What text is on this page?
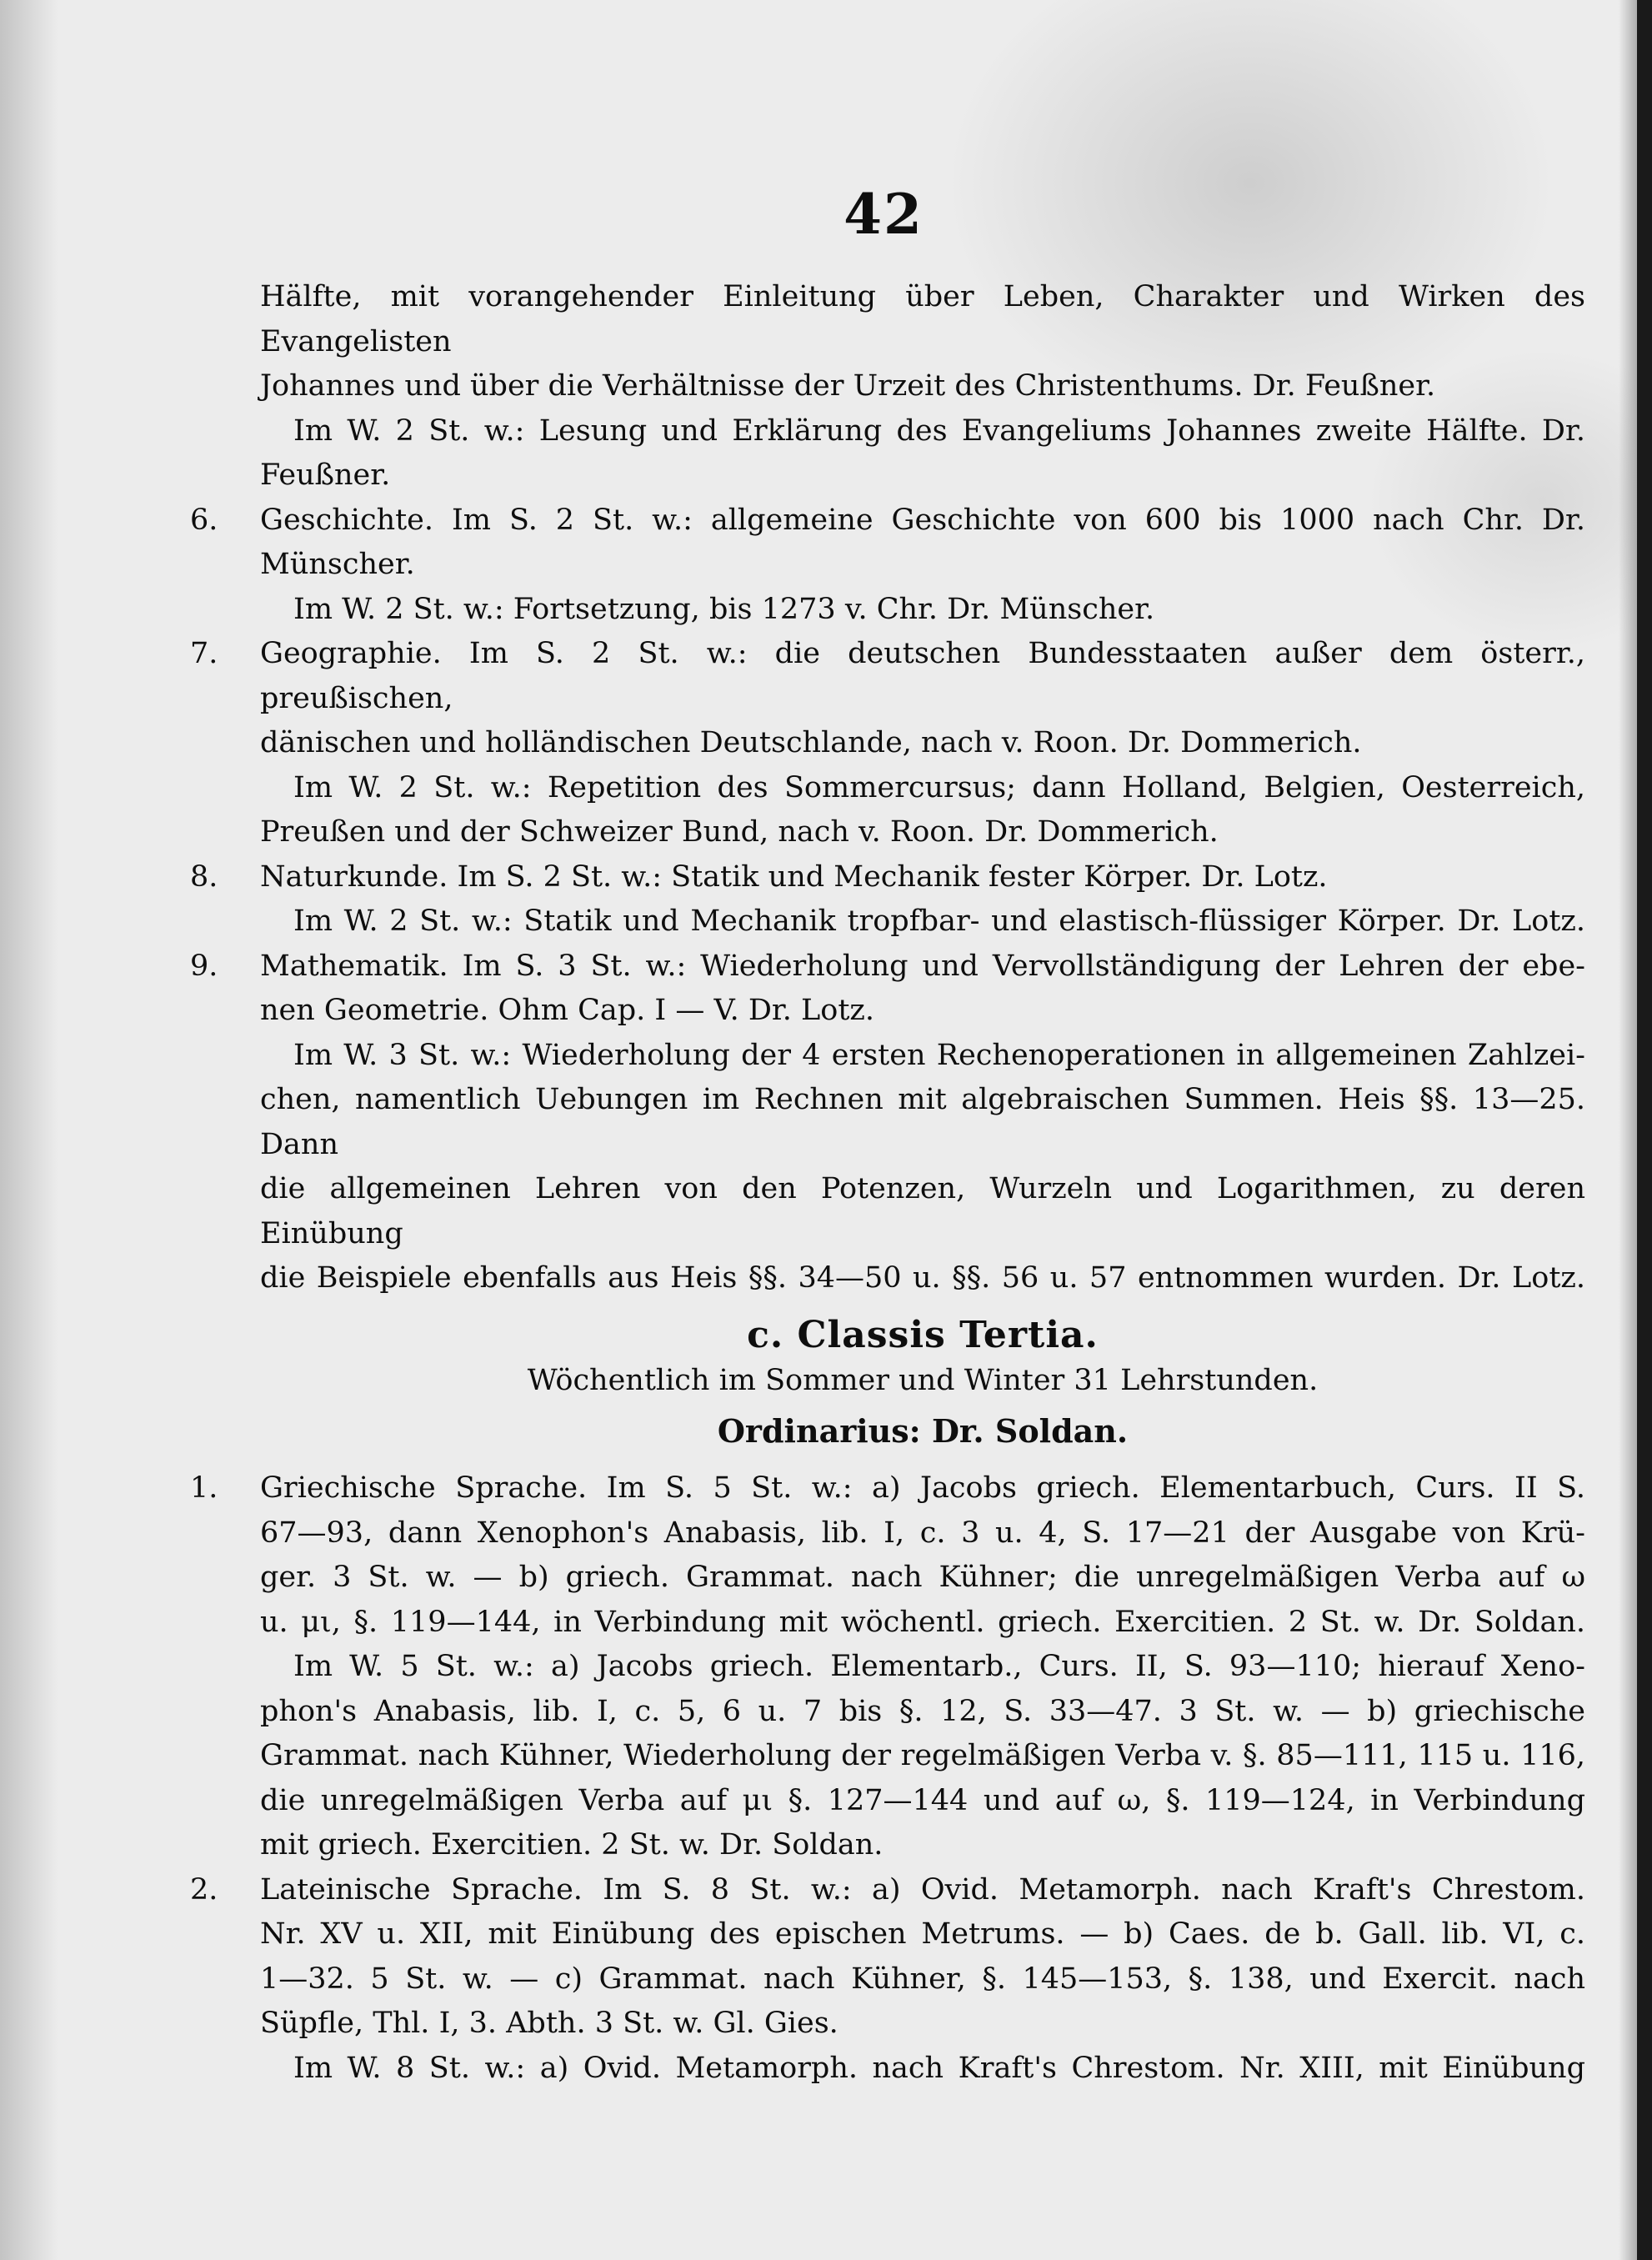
42
Hälfte, mit vorangehender Einleitung über Leben, Charakter und Wirken des Evangelisten
Johannes und über die Verhältnisse der Urzeit des Christenthums. Dr. Feußner.
Im W. 2 St. w.: Lesung und Erklärung des Evangeliums Johannes zweite Hälfte. Dr.
Feußner.
6.	Geschichte. Im S. 2 St. w.: allgemeine Geschichte von 600 bis 1000 nach Chr. Dr.
Münscher.
Im W. 2 St. w.: Fortsetzung, bis 1273 v. Chr. Dr. Münscher.
7.	Geographie. Im S. 2 St. w.: die deutschen Bundesstaaten außer dem österr., preußischen,
dänischen und holländischen Deutschlande, nach v. Roon. Dr. Dommerich.
Im W. 2 St. w.: Repetition des Sommercursus; dann Holland, Belgien, Oesterreich,
Preußen und der Schweizer Bund, nach v. Roon. Dr. Dommerich.
8.	Naturkunde. Im S. 2 St. w.: Statik und Mechanik fester Körper. Dr. Lotz.
Im W. 2 St. w.: Statik und Mechanik tropfbar- und elastisch-flüssiger Körper. Dr. Lotz.
9.	Mathematik. Im S. 3 St. w.: Wiederholung und Vervollständigung der Lehren der ebe-
nen Geometrie. Ohm Cap. I — V. Dr. Lotz.
Im W. 3 St. w.: Wiederholung der 4 ersten Rechenoperationen in allgemeinen Zahlzei-
chen, namentlich Uebungen im Rechnen mit algebraischen Summen. Heis §§. 13—25. Dann
die allgemeinen Lehren von den Potenzen, Wurzeln und Logarithmen, zu deren Einübung
die Beispiele ebenfalls aus Heis §§. 34—50 u. §§. 56 u. 57 entnommen wurden. Dr. Lotz.
c. Classis Tertia.
Wöchentlich im Sommer und Winter 31 Lehrstunden.
Ordinarius: Dr. Soldan.
1.	Griechische Sprache. Im S. 5 St. w.: a) Jacobs griech. Elementarbuch, Curs. II S.
67—93, dann Xenophon's Anabasis, lib. I, c. 3 u. 4, S. 17—21 der Ausgabe von Krü-
ger. 3 St. w. — b) griech. Grammat. nach Kühner; die unregelmäßigen Verba auf ω
u. μι, §. 119—144, in Verbindung mit wöchentl. griech. Exercitien. 2 St. w. Dr. Soldan.
Im W. 5 St. w.: a) Jacobs griech. Elementarb., Curs. II, S. 93—110; hierauf Xeno-
phon's Anabasis, lib. I, c. 5, 6 u. 7 bis §. 12, S. 33—47. 3 St. w. — b) griechische
Grammat. nach Kühner, Wiederholung der regelmäßigen Verba v. §. 85—111, 115 u. 116,
die unregelmäßigen Verba auf μι §. 127—144 und auf ω, §. 119—124, in Verbindung
mit griech. Exercitien. 2 St. w. Dr. Soldan.
2.	Lateinische Sprache. Im S. 8 St. w.: a) Ovid. Metamorph. nach Kraft's Chrestom.
Nr. XV u. XII, mit Einübung des epischen Metrums. — b) Caes. de b. Gall. lib. VI, c.
1—32. 5 St. w. — c) Grammat. nach Kühner, §. 145—153, §. 138, und Exercit. nach
Süpfle, Thl. I, 3. Abth. 3 St. w. Gl. Gies.
Im W. 8 St. w.: a) Ovid. Metamorph. nach Kraft's Chrestom. Nr. XIII, mit Einübung
